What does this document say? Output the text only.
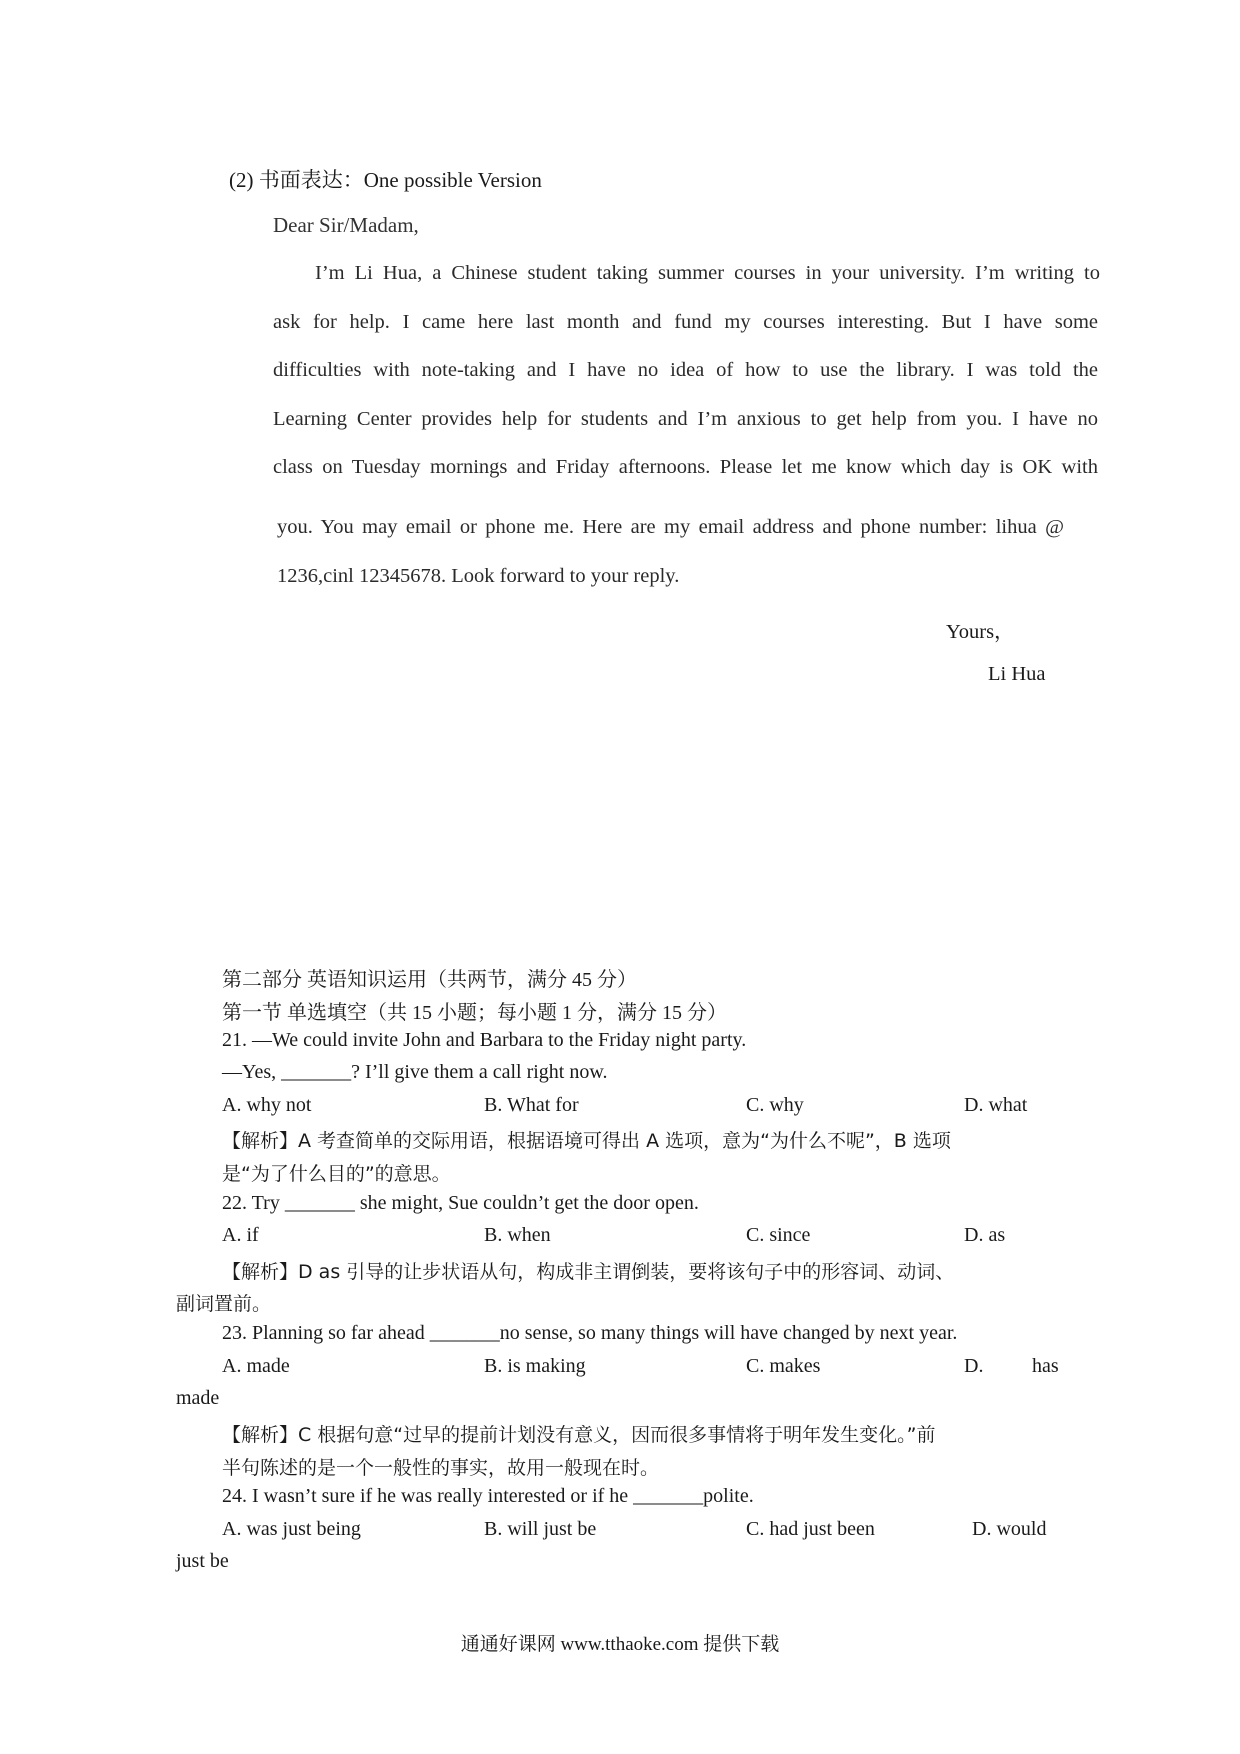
(2) 书面表达：One possible Version
Dear Sir/Madam,
I’m Li Hua, a Chinese student taking summer courses in your university. I’m writing to
ask for help. I came here last month and fund my courses interesting. But I have some
difficulties with note-taking and I have no idea of how to use the library. I was told the
Learning Center provides help for students and I’m anxious to get help from you. I have no
class on Tuesday mornings and Friday afternoons. Please let me know which day is OK with
you. You may email or phone me. Here are my email address and phone number: lihua @
1236,cinl 12345678. Look forward to your reply.
Yours，
Li Hua
第二部分 英语知识运用（共两节，满分 45 分）
第一节 单选填空（共 15 小题；每小题 1 分，满分 15 分）
21. —We could invite John and Barbara to the Friday night party.
—Yes, _______? I’ll give them a call right now.
A. why not	B. What for	C. why	D. what
【解析】A 考查简单的交际用语，根据语境可得出 A 选项，意为“为什么不呢”，B 选项
是“为了什么目的”的意思。
22. Try _______ she might, Sue couldn’t get the door open.
A. if	B. when	C. since	D. as
【解析】D as 引导的让步状语从句，构成非主谓倒装，要将该句子中的形容词、动词、
副词置前。
23. Planning so far ahead _______no sense, so many things will have changed by next year.
A. made	B. is making	C. makes	D. has
made
【解析】C 根据句意“过早的提前计划没有意义，因而很多事情将于明年发生变化。”前
半句陈述的是一个一般性的事实，故用一般现在时。
24. I wasn’t sure if he was really interested or if he _______polite.
A. was just being	B. will just be	C. had just been	D. would
just be
通通好课网 www.tthaoke.com 提供下载
